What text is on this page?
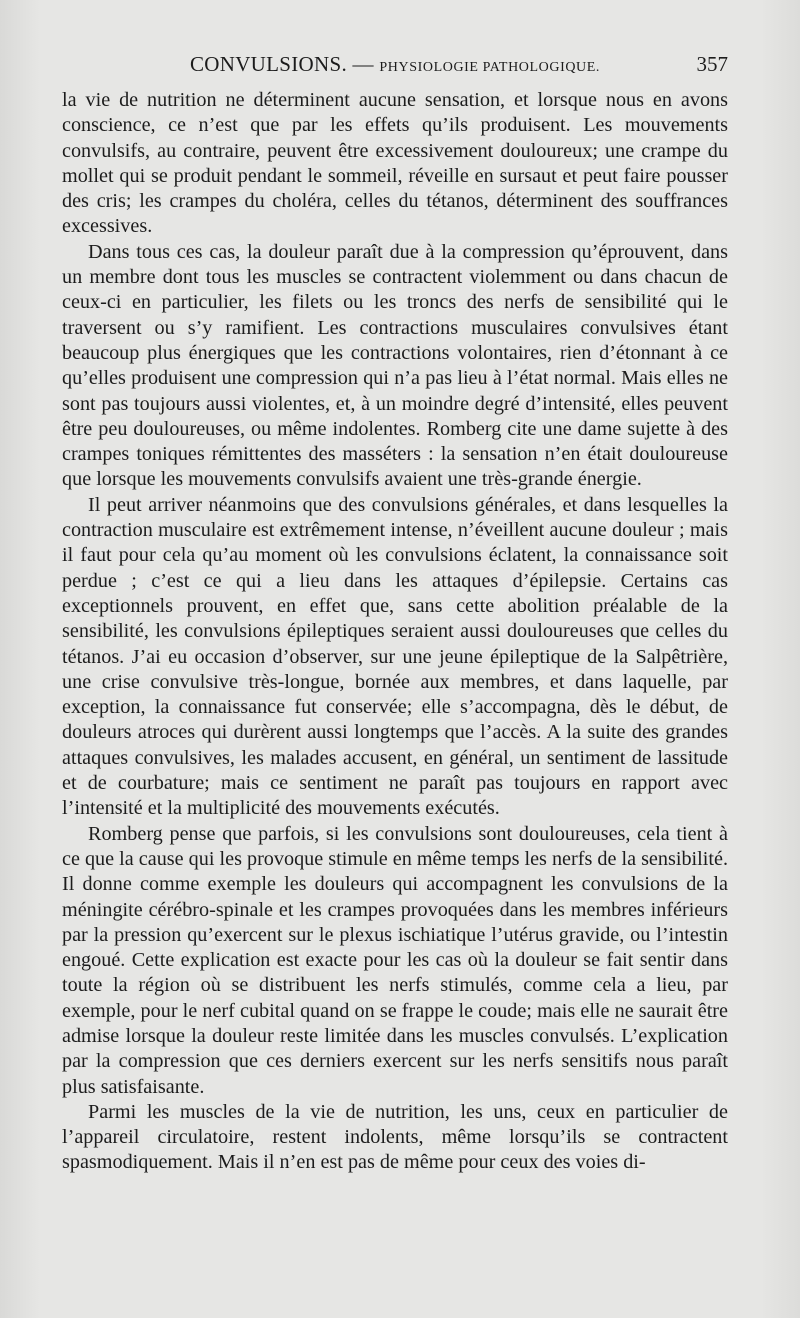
CONVULSIONS. — PHYSIOLOGIE PATHOLOGIQUE.	357

la vie de nutrition ne déterminent aucune sensation, et lorsque nous en avons conscience, ce n’est que par les effets qu’ils produisent. Les mouvements convulsifs, au contraire, peuvent être excessivement douloureux; une crampe du mollet qui se produit pendant le sommeil, réveille en sursaut et peut faire pousser des cris; les crampes du choléra, celles du tétanos, déterminent des souffrances excessives.

Dans tous ces cas, la douleur paraît due à la compression qu’éprouvent, dans un membre dont tous les muscles se contractent violemment ou dans chacun de ceux-ci en particulier, les filets ou les troncs des nerfs de sensibilité qui le traversent ou s’y ramifient. Les contractions musculaires convulsives étant beaucoup plus énergiques que les contractions volontaires, rien d’étonnant à ce qu’elles produisent une compression qui n’a pas lieu à l’état normal. Mais elles ne sont pas toujours aussi violentes, et, à un moindre degré d’intensité, elles peuvent être peu douloureuses, ou même indolentes. Romberg cite une dame sujette à des crampes toniques rémittentes des masséters : la sensation n’en était douloureuse que lorsque les mouvements convulsifs avaient une très-grande énergie.

Il peut arriver néanmoins que des convulsions générales, et dans lesquelles la contraction musculaire est extrêmement intense, n’éveillent aucune douleur ; mais il faut pour cela qu’au moment où les convulsions éclatent, la connaissance soit perdue ; c’est ce qui a lieu dans les attaques d’épilepsie. Certains cas exceptionnels prouvent, en effet que, sans cette abolition préalable de la sensibilité, les convulsions épileptiques seraient aussi douloureuses que celles du tétanos. J’ai eu occasion d’observer, sur une jeune épileptique de la Salpêtrière, une crise convulsive très-longue, bornée aux membres, et dans laquelle, par exception, la connaissance fut conservée; elle s’accompagna, dès le début, de douleurs atroces qui durèrent aussi longtemps que l’accès. A la suite des grandes attaques convulsives, les malades accusent, en général, un sentiment de lassitude et de courbature; mais ce sentiment ne paraît pas toujours en rapport avec l’intensité et la multiplicité des mouvements exécutés.

Romberg pense que parfois, si les convulsions sont douloureuses, cela tient à ce que la cause qui les provoque stimule en même temps les nerfs de la sensibilité. Il donne comme exemple les douleurs qui accompagnent les convulsions de la méningite cérébro-spinale et les crampes provoquées dans les membres inférieurs par la pression qu’exercent sur le plexus ischiatique l’utérus gravide, ou l’intestin engoué. Cette explication est exacte pour les cas où la douleur se fait sentir dans toute la région où se distribuent les nerfs stimulés, comme cela a lieu, par exemple, pour le nerf cubital quand on se frappe le coude; mais elle ne saurait être admise lorsque la douleur reste limitée dans les muscles convulsés. L’explication par la compression que ces derniers exercent sur les nerfs sensitifs nous paraît plus satisfaisante.

Parmi les muscles de la vie de nutrition, les uns, ceux en particulier de l’appareil circulatoire, restent indolents, même lorsqu’ils se contractent spasmodiquement. Mais il n’en est pas de même pour ceux des voies di-
